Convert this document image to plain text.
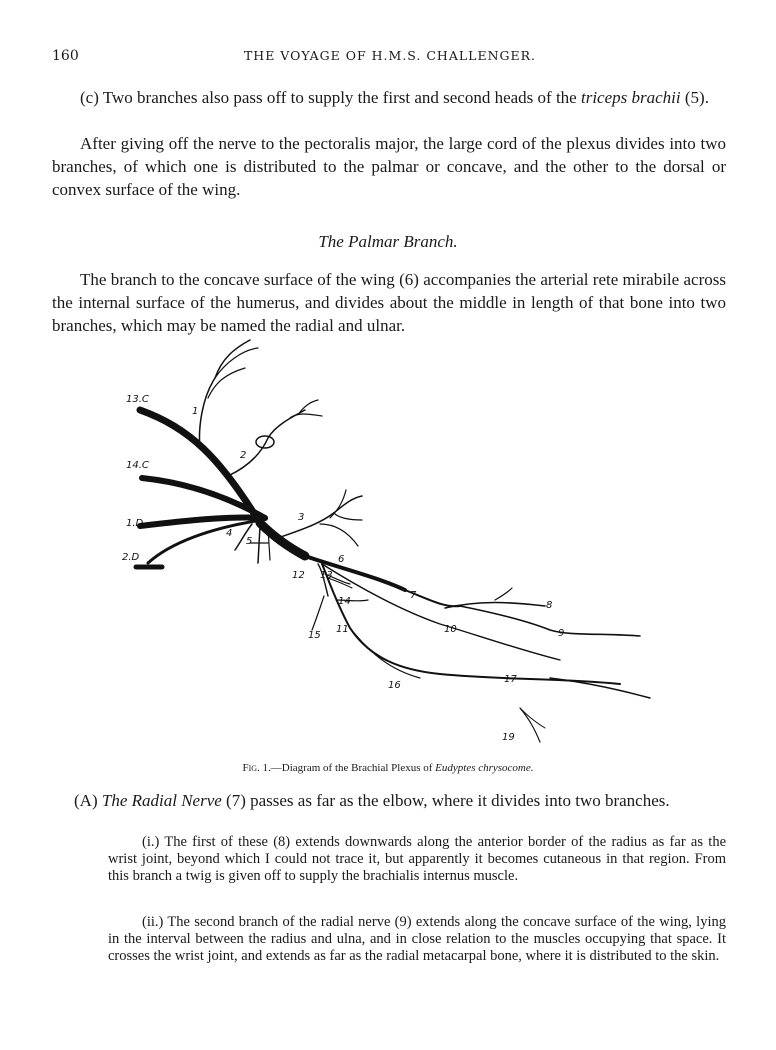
160	THE VOYAGE OF H.M.S. CHALLENGER.

(c) Two branches also pass off to supply the first and second heads of the triceps brachii (5).

After giving off the nerve to the pectoralis major, the large cord of the plexus divides into two branches, of which one is distributed to the palmar or concave, and the other to the dorsal or convex surface of the wing.

The Palmar Branch.

The branch to the concave surface of the wing (6) accompanies the arterial rete mirabile across the internal surface of the humerus, and divides about the middle in length of that bone into two branches, which may be named the radial and ulnar.

13.C
14.C
1.D
2.D
1
2
3
4
5
6
7
8
9
10
11
12 13
14
15
16
17
19
Fig. 1.—Diagram of the Brachial Plexus of Eudyptes chrysocome.

(A) The Radial Nerve (7) passes as far as the elbow, where it divides into two branches.

(i.) The first of these (8) extends downwards along the anterior border of the radius as far as the wrist joint, beyond which I could not trace it, but apparently it becomes cutaneous in that region. From this branch a twig is given off to supply the brachialis internus muscle.

(ii.) The second branch of the radial nerve (9) extends along the concave surface of the wing, lying in the interval between the radius and ulna, and in close relation to the muscles occupying that space. It crosses the wrist joint, and extends as far as the radial metacarpal bone, where it is distributed to the skin.
